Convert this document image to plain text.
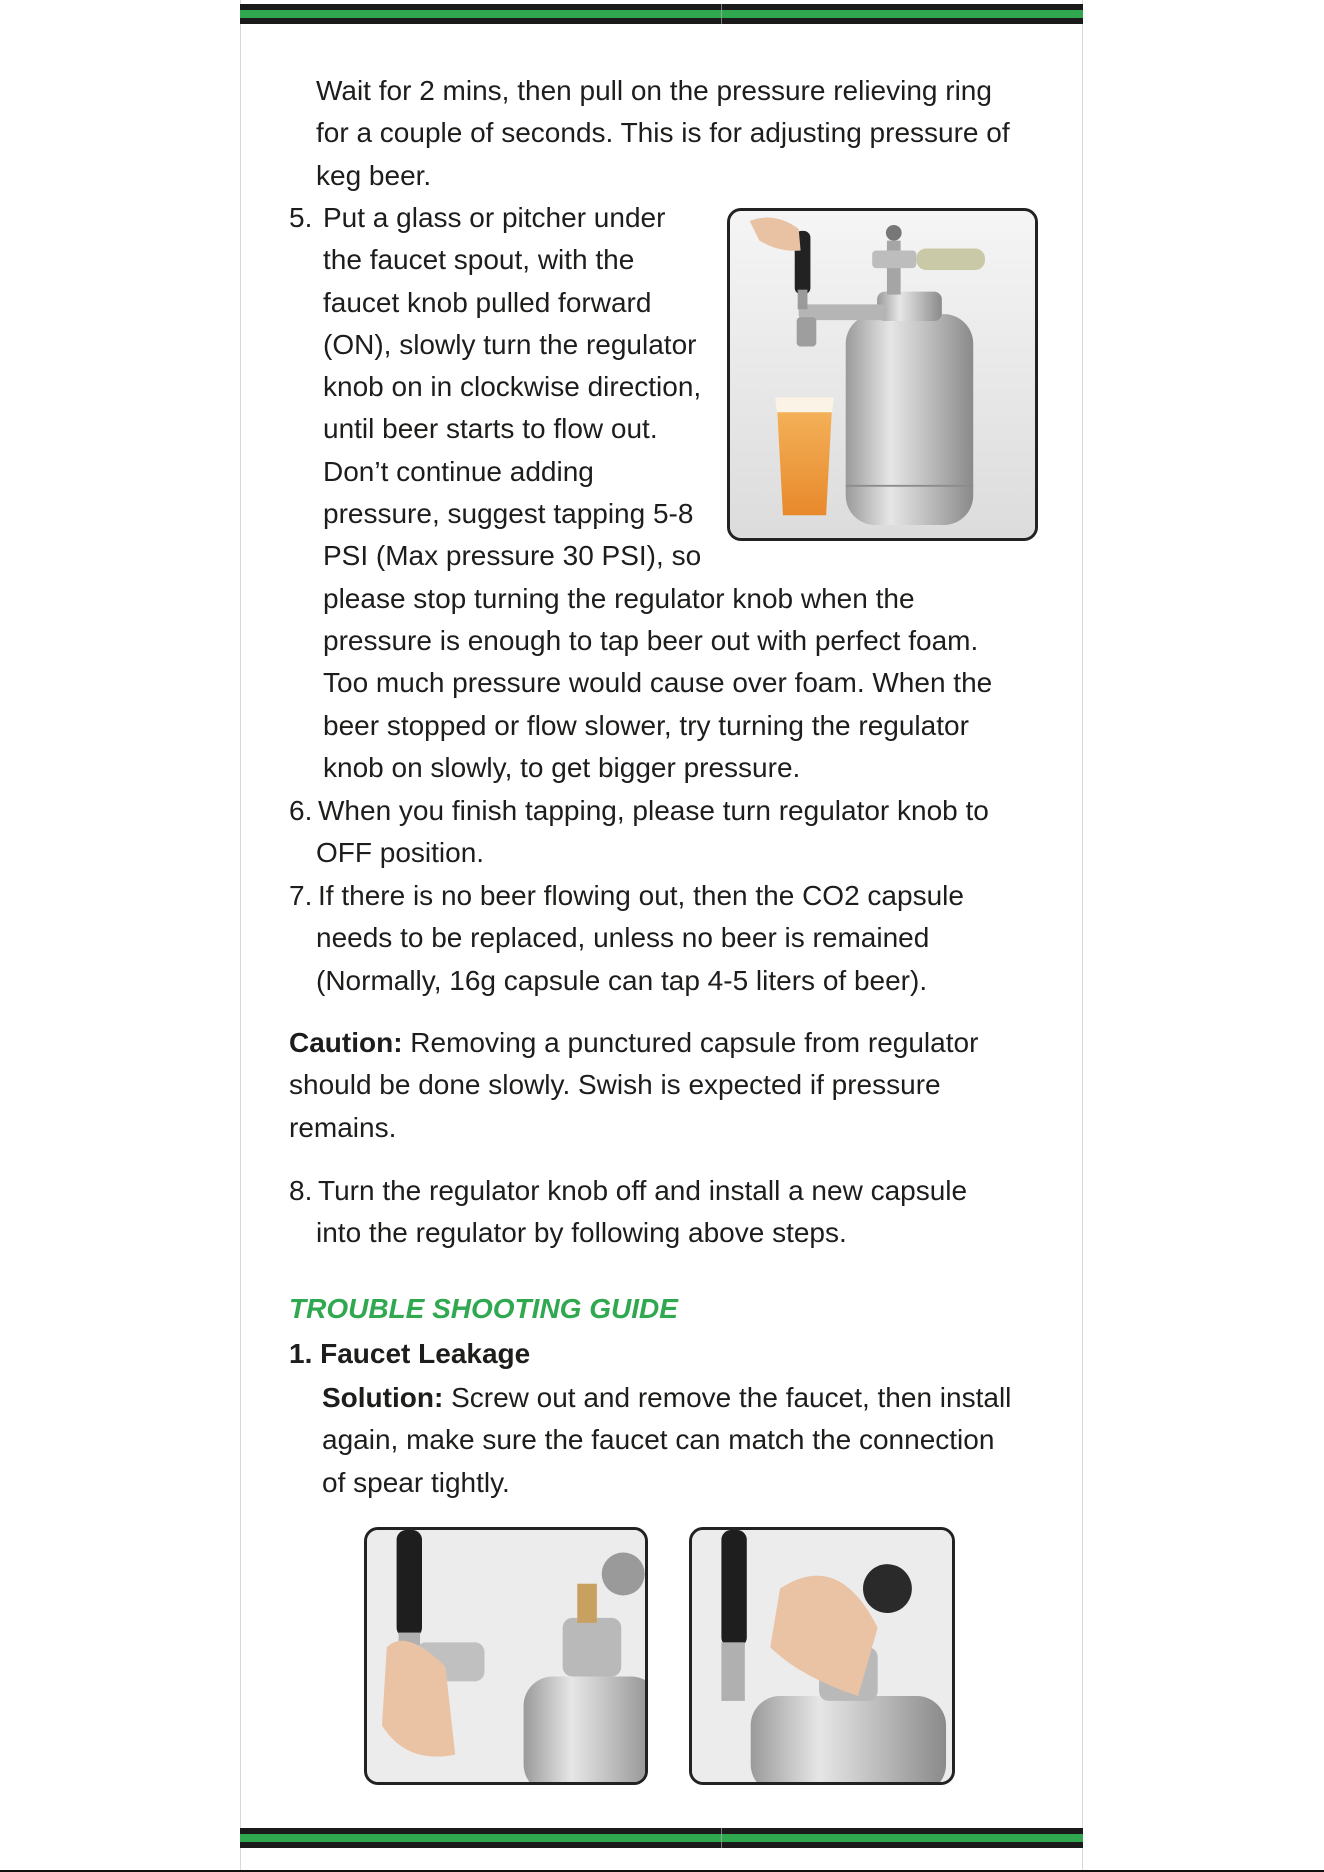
Wait for 2 mins, then pull on the pressure relieving ring
for a couple of seconds. This is for adjusting pressure of
keg beer.
5. Put a glass or pitcher under
the faucet spout, with the
faucet knob pulled forward
(ON), slowly turn the regulator
knob on in clockwise direction,
until beer starts to flow out.
Don’t continue adding
pressure, suggest tapping 5-8
PSI (Max pressure 30 PSI), so
please stop turning the regulator knob when the
pressure is enough to tap beer out with perfect foam.
Too much pressure would cause over foam. When the
beer stopped or flow slower, try turning the regulator
knob on slowly, to get bigger pressure.
6. When you finish tapping, please turn regulator knob to
OFF position.
7. If there is no beer flowing out, then the CO2 capsule
needs to be replaced, unless no beer is remained
(Normally, 16g capsule can tap 4-5 liters of beer).
Caution: Removing a punctured capsule from regulator
should be done slowly. Swish is expected if pressure
remains.
8. Turn the regulator knob off and install a new capsule
into the regulator by following above steps.
TROUBLE SHOOTING GUIDE
1. Faucet Leakage
Solution: Screw out and remove the faucet, then install
again, make sure the faucet can match the connection
of spear tightly.
